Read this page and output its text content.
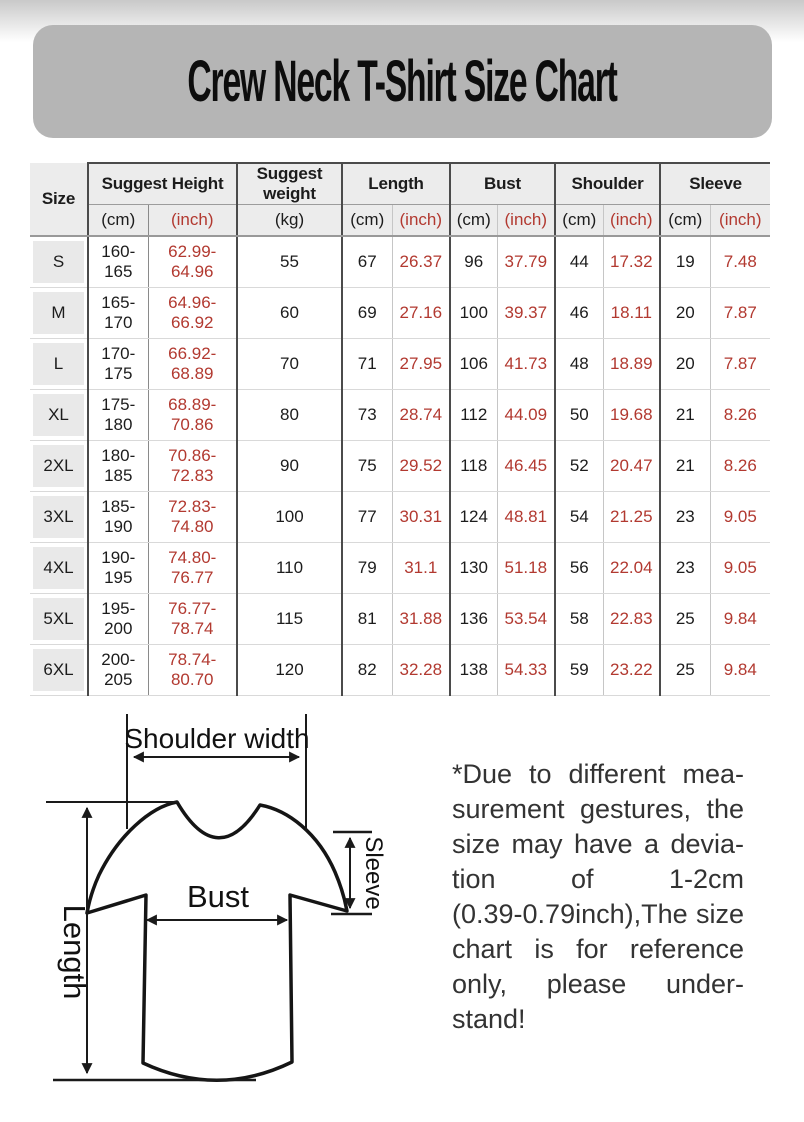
Crew Neck T-Shirt Size Chart
Size	Suggest Height		Suggest weight	Length		Bust		Shoulder		Sleeve	
	(cm)	(inch)	(kg)	(cm)	(inch)	(cm)	(inch)	(cm)	(inch)	(cm)	(inch)

S	160-165	62.99-64.96	55	67	26.37	96	37.79	44	17.32	19	7.48

M	165-170	64.96-66.92	60	69	27.16	100	39.37	46	18.11	20	7.87

L	170-175	66.92-68.89	70	71	27.95	106	41.73	48	18.89	20	7.87

XL	175-180	68.89-70.86	80	73	28.74	112	44.09	50	19.68	21	8.26

2XL	180-185	70.86-72.83	90	75	29.52	118	46.45	52	20.47	21	8.26

3XL	185-190	72.83-74.80	100	77	30.31	124	48.81	54	21.25	23	9.05

4XL	190-195	74.80-76.77	110	79	31.1	130	51.18	56	22.04	23	9.05

5XL	195-200	76.77-78.74	115	81	31.88	136	53.54	58	22.83	25	9.84

6XL	200-205	78.74-80.70	120	82	32.28	138	54.33	59	23.22	25	9.84
Shoulder width
Length
Bust	Sleeve
*Due to different mea-
surement gestures, the
size may have a devia-
tion of 1-2cm
(0.39-0.79inch),The size
chart is for reference
only, please under-
stand!
